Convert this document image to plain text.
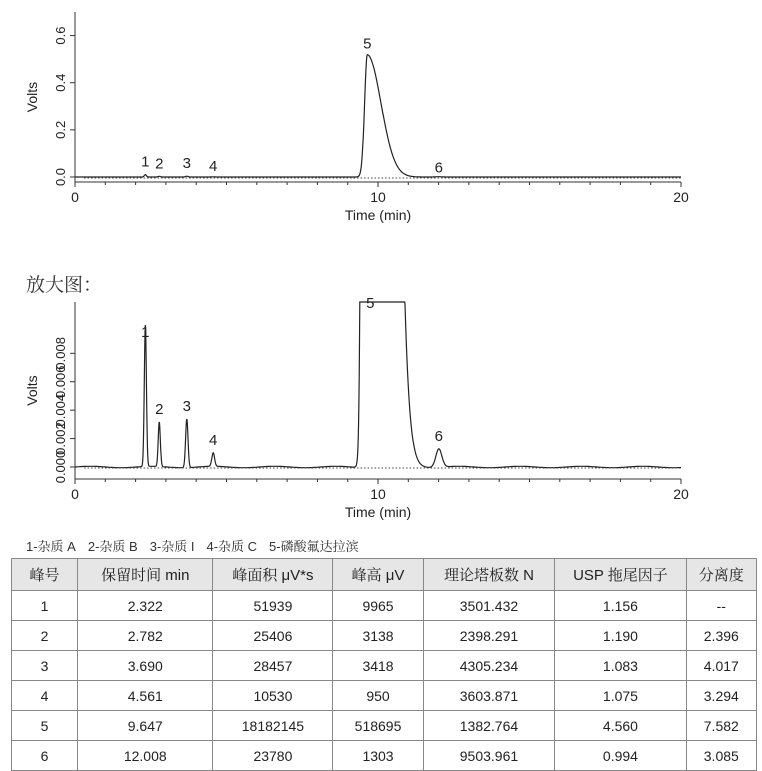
0	10	20
0.0
0.2
0.4
0.6
Time (min)
Volts
1 2 3 4
5
6
放大图：
0	10	20
0.000
0.002
0.004
0.006
0.008
Time (min)
Volts
1
2 3
4
5
6
1-杂质 A 2-杂质 B 3-杂质 I 4-杂质 C 5-磷酸氟达拉滨
峰号	保留时间 min	峰面积 μV*s	峰高 μV	理论塔板数 N	USP 拖尾因子	分离度
1	2.322	51939	9965	3501.432	1.156	--
2	2.782	25406	3138	2398.291	1.190	2.396
3	3.690	28457	3418	4305.234	1.083	4.017
4	4.561	10530	950	3603.871	1.075	3.294
5	9.647	18182145	518695	1382.764	4.560	7.582
6	12.008	23780	1303	9503.961	0.994	3.085
